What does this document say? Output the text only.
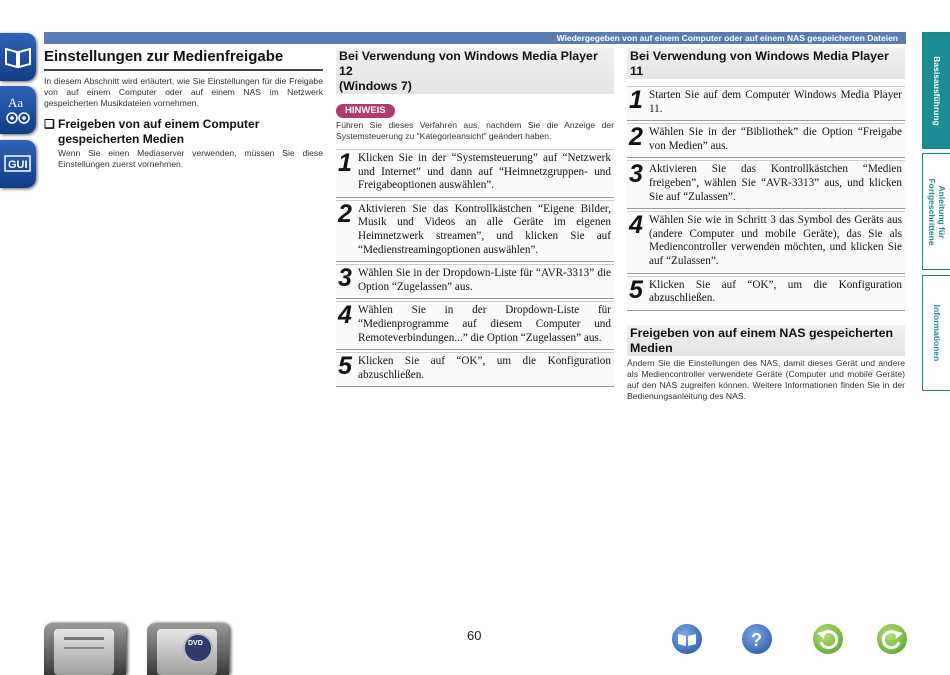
Wiedergegeben von auf einem Computer oder auf einem NAS gespeicherten Dateien
Aa
GUI
Basisausführung
Anleitung für Fortgeschrittene
Informationen
Einstellungen zur Medienfreigabe
In diesem Abschnitt wird erläutert, wie Sie Einstellungen für die Freigabe von auf einem Computer oder auf einem NAS im Netzwerk gespeicherten Musikdateien vornehmen.
❑ Freigeben von auf einem Computer
gespeicherten Medien
Wenn Sie einen Mediaserver verwenden, müssen Sie diese Einstellungen zuerst vornehmen.
Bei Verwendung von Windows Media Player 12
(Windows 7)
HINWEIS
Führen Sie dieses Verfahren aus, nachdem Sie die Anzeige der Systemsteuerung zu “Kategorieansicht” geändert haben.
1 Klicken Sie in der “Systemsteuerung” auf “Netzwerk und Internet” und dann auf “Heimnetzgruppen- und Freigabeoptionen auswählen”.
2 Aktivieren Sie das Kontrollkästchen “Eigene Bilder, Musik und Videos an alle Geräte im eigenen Heimnetzwerk streamen”, und klicken Sie auf “Medienstreamingoptionen auswählen”.
3 Wählen Sie in der Dropdown-Liste für “AVR-3313” die Option “Zugelassen” aus.
4 Wählen Sie in der Dropdown-Liste für “Medienprogramme auf diesem Computer und Remoteverbindungen...” die Option “Zugelassen” aus.
5 Klicken Sie auf “OK”, um die Konfiguration abzuschließen.
Bei Verwendung von Windows Media Player 11
1 Starten Sie auf dem Computer Windows Media Player 11.
2 Wählen Sie in der “Bibliothek” die Option “Freigabe von Medien” aus.
3 Aktivieren Sie das Kontrollkästchen “Medien freigeben”, wählen Sie “AVR-3313” aus, und klicken Sie auf “Zulassen”.
4 Wählen Sie wie in Schritt 3 das Symbol des Geräts aus (andere Computer und mobile Geräte), das Sie als Mediencontroller verwenden möchten, und klicken Sie auf “Zulassen”.
5 Klicken Sie auf “OK”, um die Konfiguration abzuschließen.
Freigeben von auf einem NAS gespeicherten
Medien
Ändern Sie die Einstellungen des NAS, damit dieses Gerät und andere als Mediencontroller verwendete Geräte (Computer und mobile Geräte) auf den NAS zugreifen können. Weitere Informationen finden Sie in der Bedienungsanleitung des NAS.
60
DVD	?
